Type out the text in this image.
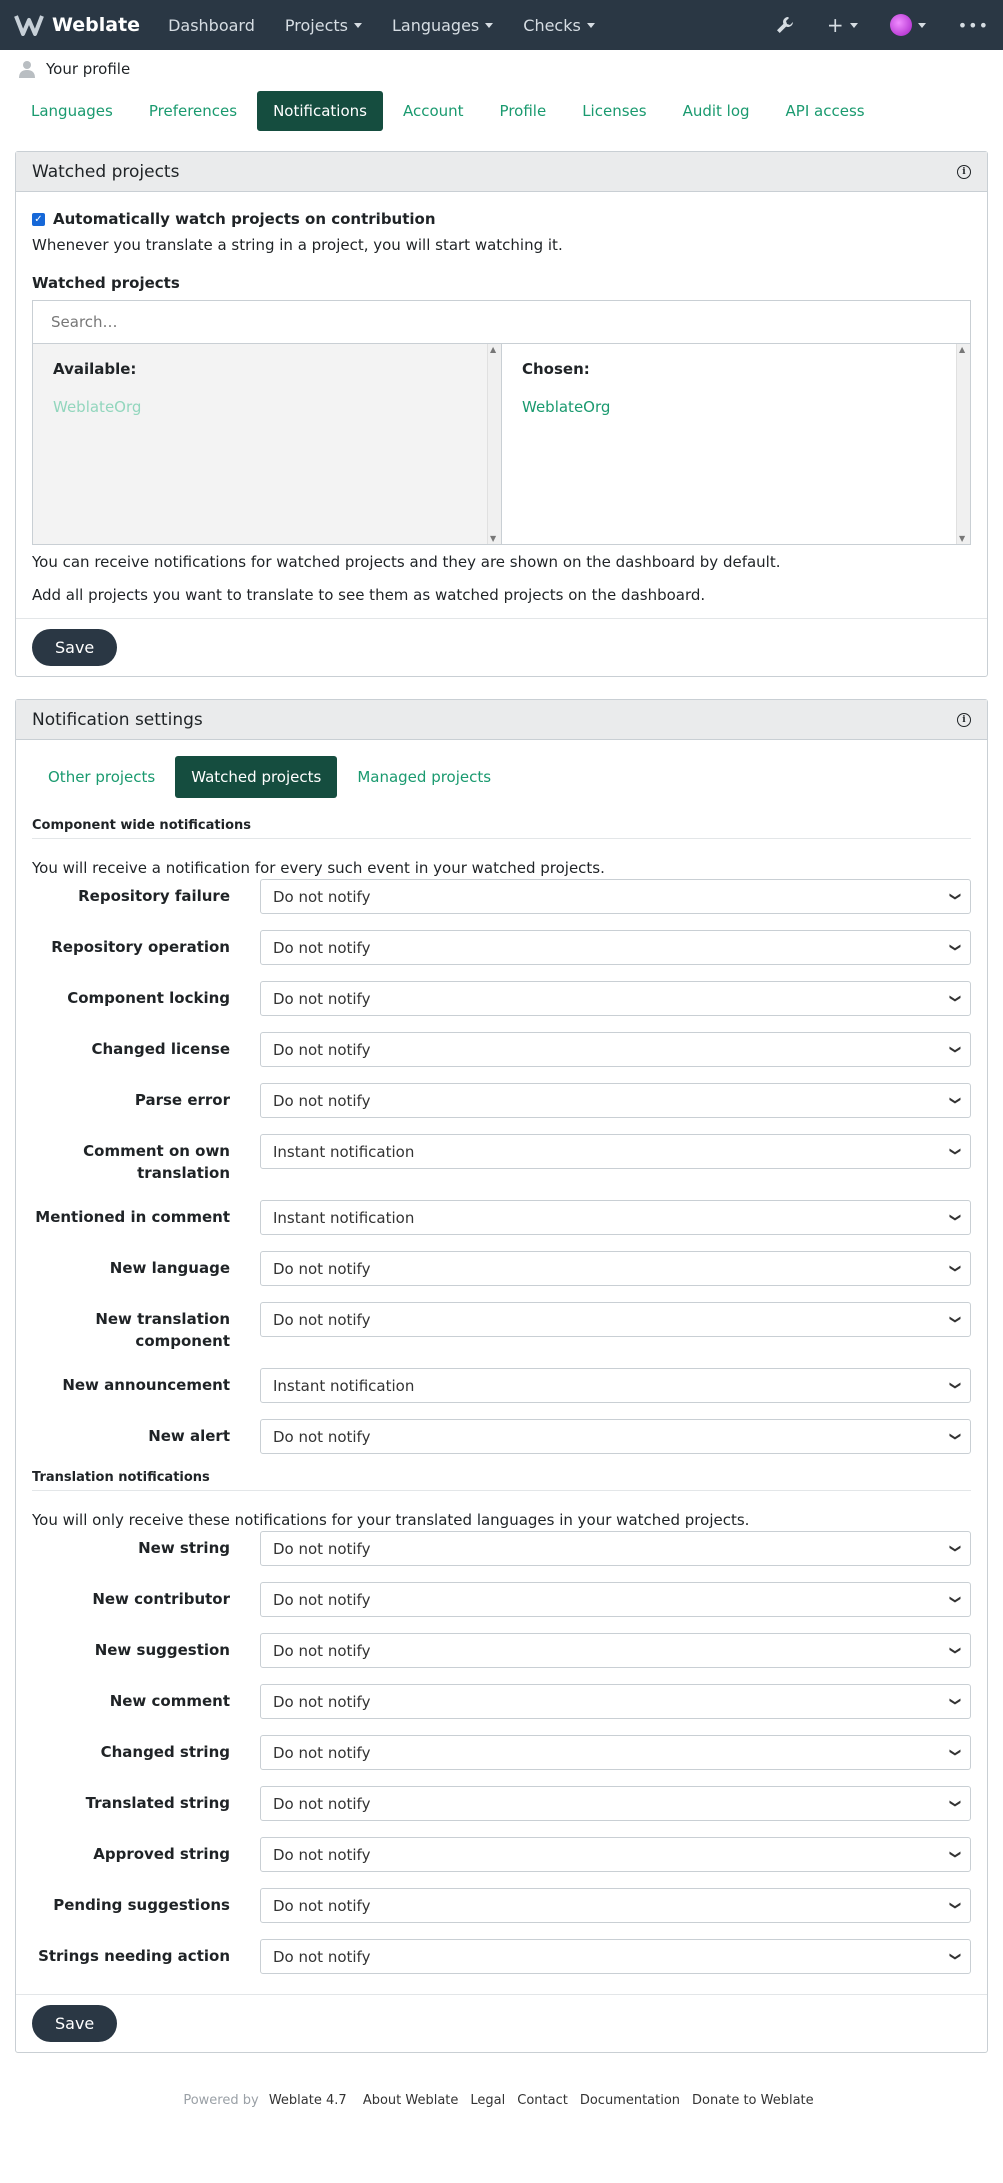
Weblate Dashboard Projects	Languages	Checks	+	•••
Your profile
Languages	Preferences	Notifications	Account	Profile	Licenses	Audit log	API access
Watched projects	i
✓ Automatically watch projects on contribution

Whenever you translate a string in a project, you will start watching it.

Watched projects
Search…
Available:
WeblateOrg
▲ ▼
Chosen:
WeblateOrg
▲ ▼

You can receive notifications for watched projects and they are shown on the dashboard by default.

Add all projects you want to translate to see them as watched projects on the dashboard.

Save
Notification settings	i
Other projects	Watched projects	Managed projects
Component wide notifications

You will receive a notification for every such event in your watched projects.

Repository failure	Do not notify	❯
Repository operation	Do not notify	❯
Component locking	Do not notify	❯
Changed license	Do not notify	❯
Parse error	Do not notify	❯
Comment on own translation
Instant notification	❯
Mentioned in comment	Instant notification	❯
New language	Do not notify	❯
New translation component
Do not notify	❯
New announcement	Instant notification	❯
New alert	Do not notify	❯
Translation notifications

You will only receive these notifications for your translated languages in your watched projects.

New string	Do not notify	❯
New contributor	Do not notify	❯
New suggestion	Do not notify	❯
New comment	Do not notify	❯
Changed string	Do not notify	❯
Translated string	Do not notify	❯
Approved string	Do not notify	❯
Pending suggestions	Do not notify	❯
Strings needing action	Do not notify	❯
Save
Powered by Weblate 4.7 About Weblate Legal Contact Documentation Donate to Weblate
